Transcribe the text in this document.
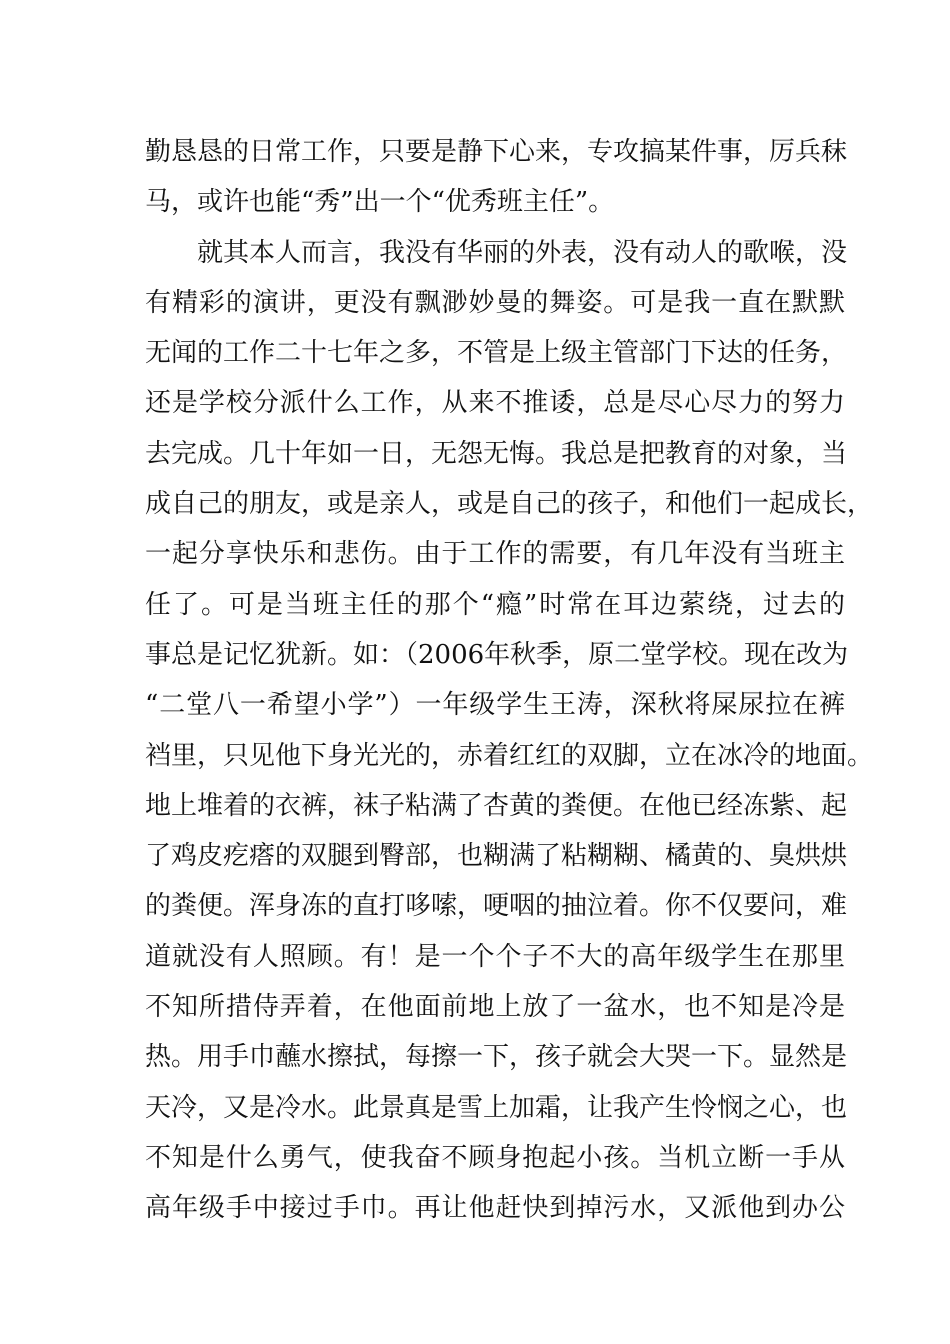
勤恳恳的日常工作，只要是静下心来，专攻搞某件事，厉兵秣
马，或许也能“秀”出一个“优秀班主任”。
就其本人而言，我没有华丽的外表，没有动人的歌喉，没
有精彩的演讲，更没有飘渺妙曼的舞姿。可是我一直在默默
无闻的工作二十七年之多，不管是上级主管部门下达的任务，
还是学校分派什么工作，从来不推诿，总是尽心尽力的努力
去完成。几十年如一日，无怨无悔。我总是把教育的对象，当
成自己的朋友，或是亲人，或是自己的孩子，和他们一起成长，
一起分享快乐和悲伤。由于工作的需要，有几年没有当班主
任了。可是当班主任的那个“瘾”时常在耳边萦绕，过去的
事总是记忆犹新。如：（2006年秋季，原二堂学校。现在改为
“二堂八一希望小学”）一年级学生王涛，深秋将屎尿拉在裤
裆里，只见他下身光光的，赤着红红的双脚，立在冰冷的地面。
地上堆着的衣裤，袜子粘满了杏黄的粪便。在他已经冻紫、起
了鸡皮疙瘩的双腿到臀部，也糊满了粘糊糊、橘黄的、臭烘烘
的粪便。浑身冻的直打哆嗦，哽咽的抽泣着。你不仅要问，难
道就没有人照顾。有！是一个个子不大的高年级学生在那里
不知所措侍弄着，在他面前地上放了一盆水，也不知是冷是
热。用手巾蘸水擦拭，每擦一下，孩子就会大哭一下。显然是
天冷，又是冷水。此景真是雪上加霜，让我产生怜悯之心，也
不知是什么勇气，使我奋不顾身抱起小孩。当机立断一手从
高年级手中接过手巾。再让他赶快到掉污水，又派他到办公
